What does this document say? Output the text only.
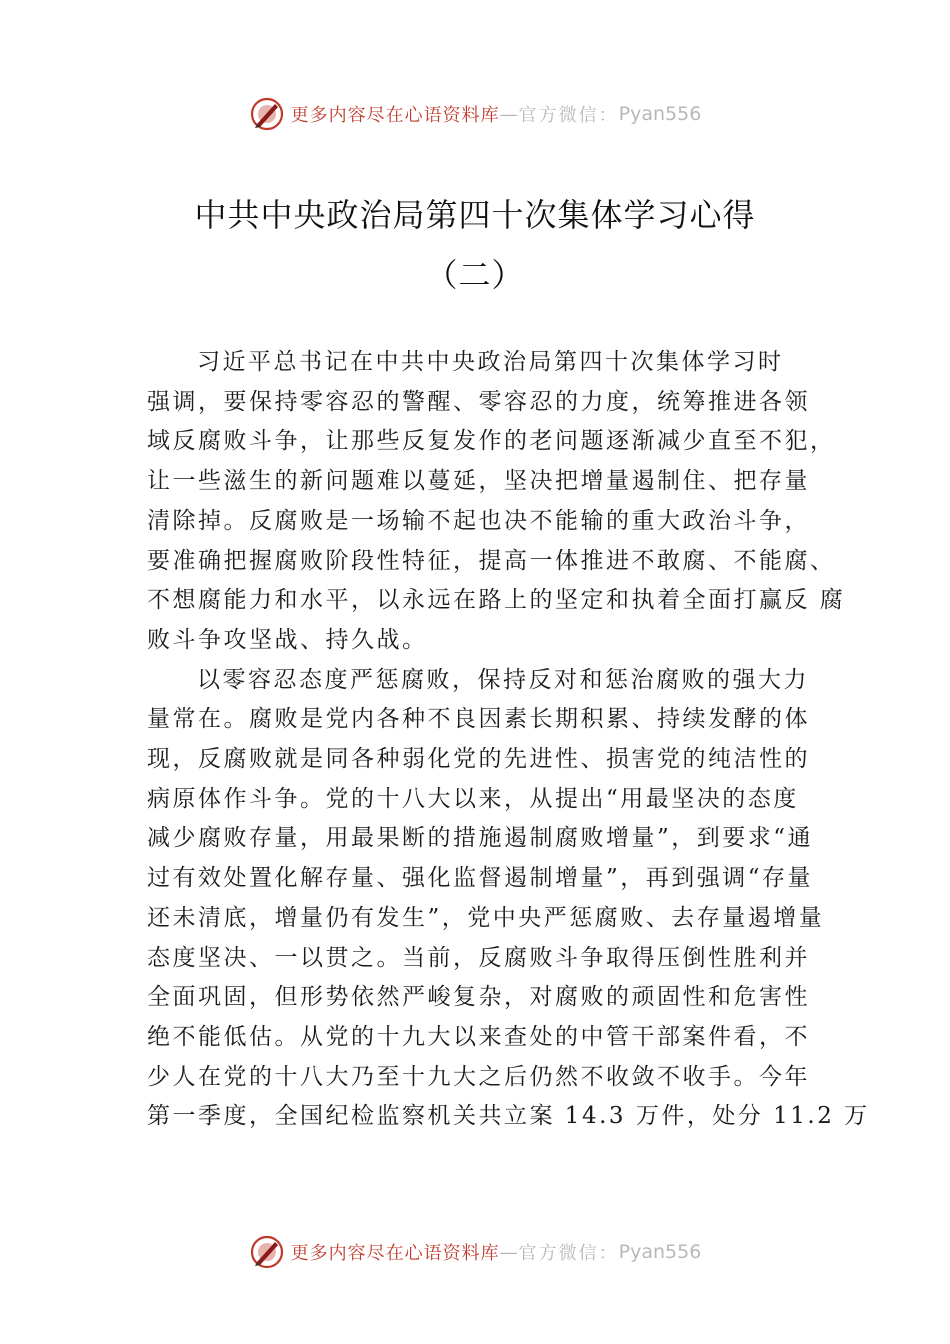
更多内容尽在心语资料库 — 官方微信： Pyan556
中共中央政治局第四十次集体学习心得
（二）
习近平总书记在中共中央政治局第四十次集体学习时
强调，要保持零容忍的警醒、零容忍的力度，统筹推进各领
域反腐败斗争，让那些反复发作的老问题逐渐减少直至不犯，
让一些滋生的新问题难以蔓延，坚决把增量遏制住、把存量
清除掉。反腐败是一场输不起也决不能输的重大政治斗争，
要准确把握腐败阶段性特征，提高一体推进不敢腐、不能腐、
不想腐能力和水平，以永远在路上的坚定和执着全面打赢反 腐
败斗争攻坚战、持久战。
以零容忍态度严惩腐败，保持反对和惩治腐败的强大力
量常在。腐败是党内各种不良因素长期积累、持续发酵的体
现，反腐败就是同各种弱化党的先进性、损害党的纯洁性的
病原体作斗争。党的十八大以来，从提出“用最坚决的态度
减少腐败存量，用最果断的措施遏制腐败增量”，到要求“通
过有效处置化解存量、强化监督遏制增量”，再到强调“存量
还未清底，增量仍有发生”，党中央严惩腐败、去存量遏增量
态度坚决、一以贯之。当前，反腐败斗争取得压倒性胜利并
全面巩固，但形势依然严峻复杂，对腐败的顽固性和危害性
绝不能低估。从党的十九大以来查处的中管干部案件看，不
少人在党的十八大乃至十九大之后仍然不收敛不收手。今年
第一季度，全国纪检监察机关共立案 14.3 万件，处分 11.2 万
更多内容尽在心语资料库 — 官方微信： Pyan556
